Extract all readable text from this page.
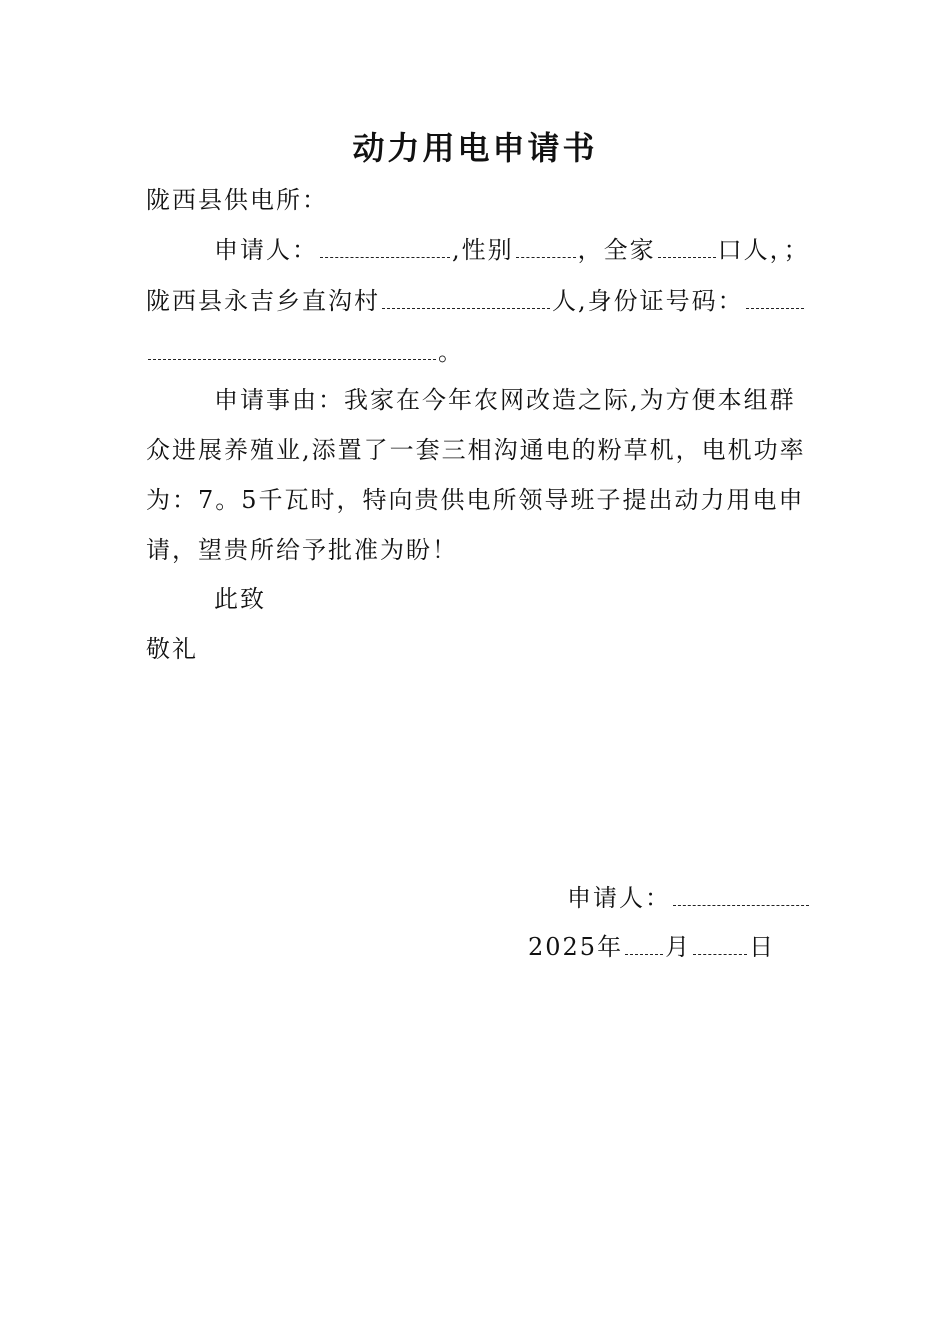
动力用电申请书
陇西县供电所：
申请人：	,性别	，全家	口人，；
陇西县永吉乡直沟村	人,身份证号码：
。
申请事由：我家在今年农网改造之际,为方便本组群
众进展养殖业,添置了一套三相沟通电的粉草机，电机功率
为：7。5千瓦时，特向贵供电所领导班子提出动力用电申
请，望贵所给予批准为盼！
此致
敬礼
申请人：
2025年 月 日
